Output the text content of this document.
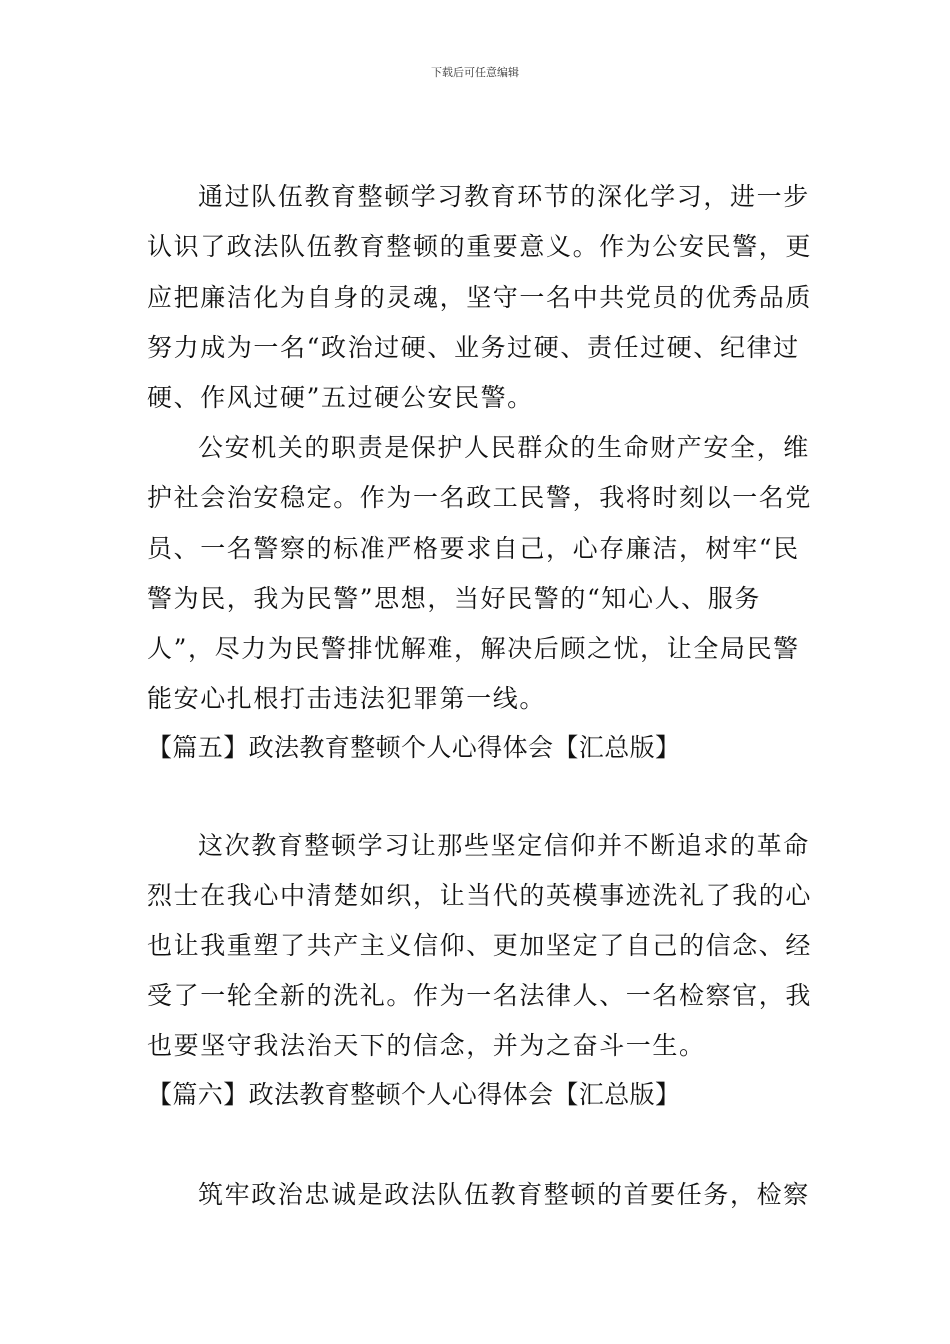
下载后可任意编辑
通过队伍教育整顿学习教育环节的深化学习，进一步
认识了政法队伍教育整顿的重要意义。作为公安民警，更
应把廉洁化为自身的灵魂，坚守一名中共党员的优秀品质
努力成为一名“政治过硬、业务过硬、责任过硬、纪律过
硬、作风过硬”五过硬公安民警。
公安机关的职责是保护人民群众的生命财产安全，维
护社会治安稳定。作为一名政工民警，我将时刻以一名党
员、一名警察的标准严格要求自己，心存廉洁，树牢“民
警为民，我为民警”思想，当好民警的“知心人、服务
人”，尽力为民警排忧解难，解决后顾之忧，让全局民警
能安心扎根打击违法犯罪第一线。
【篇五】政法教育整顿个人心得体会【汇总版】
这次教育整顿学习让那些坚定信仰并不断追求的革命
烈士在我心中清楚如织，让当代的英模事迹洗礼了我的心
也让我重塑了共产主义信仰、更加坚定了自己的信念、经
受了一轮全新的洗礼。作为一名法律人、一名检察官，我
也要坚守我法治天下的信念，并为之奋斗一生。
【篇六】政法教育整顿个人心得体会【汇总版】
筑牢政治忠诚是政法队伍教育整顿的首要任务，检察
